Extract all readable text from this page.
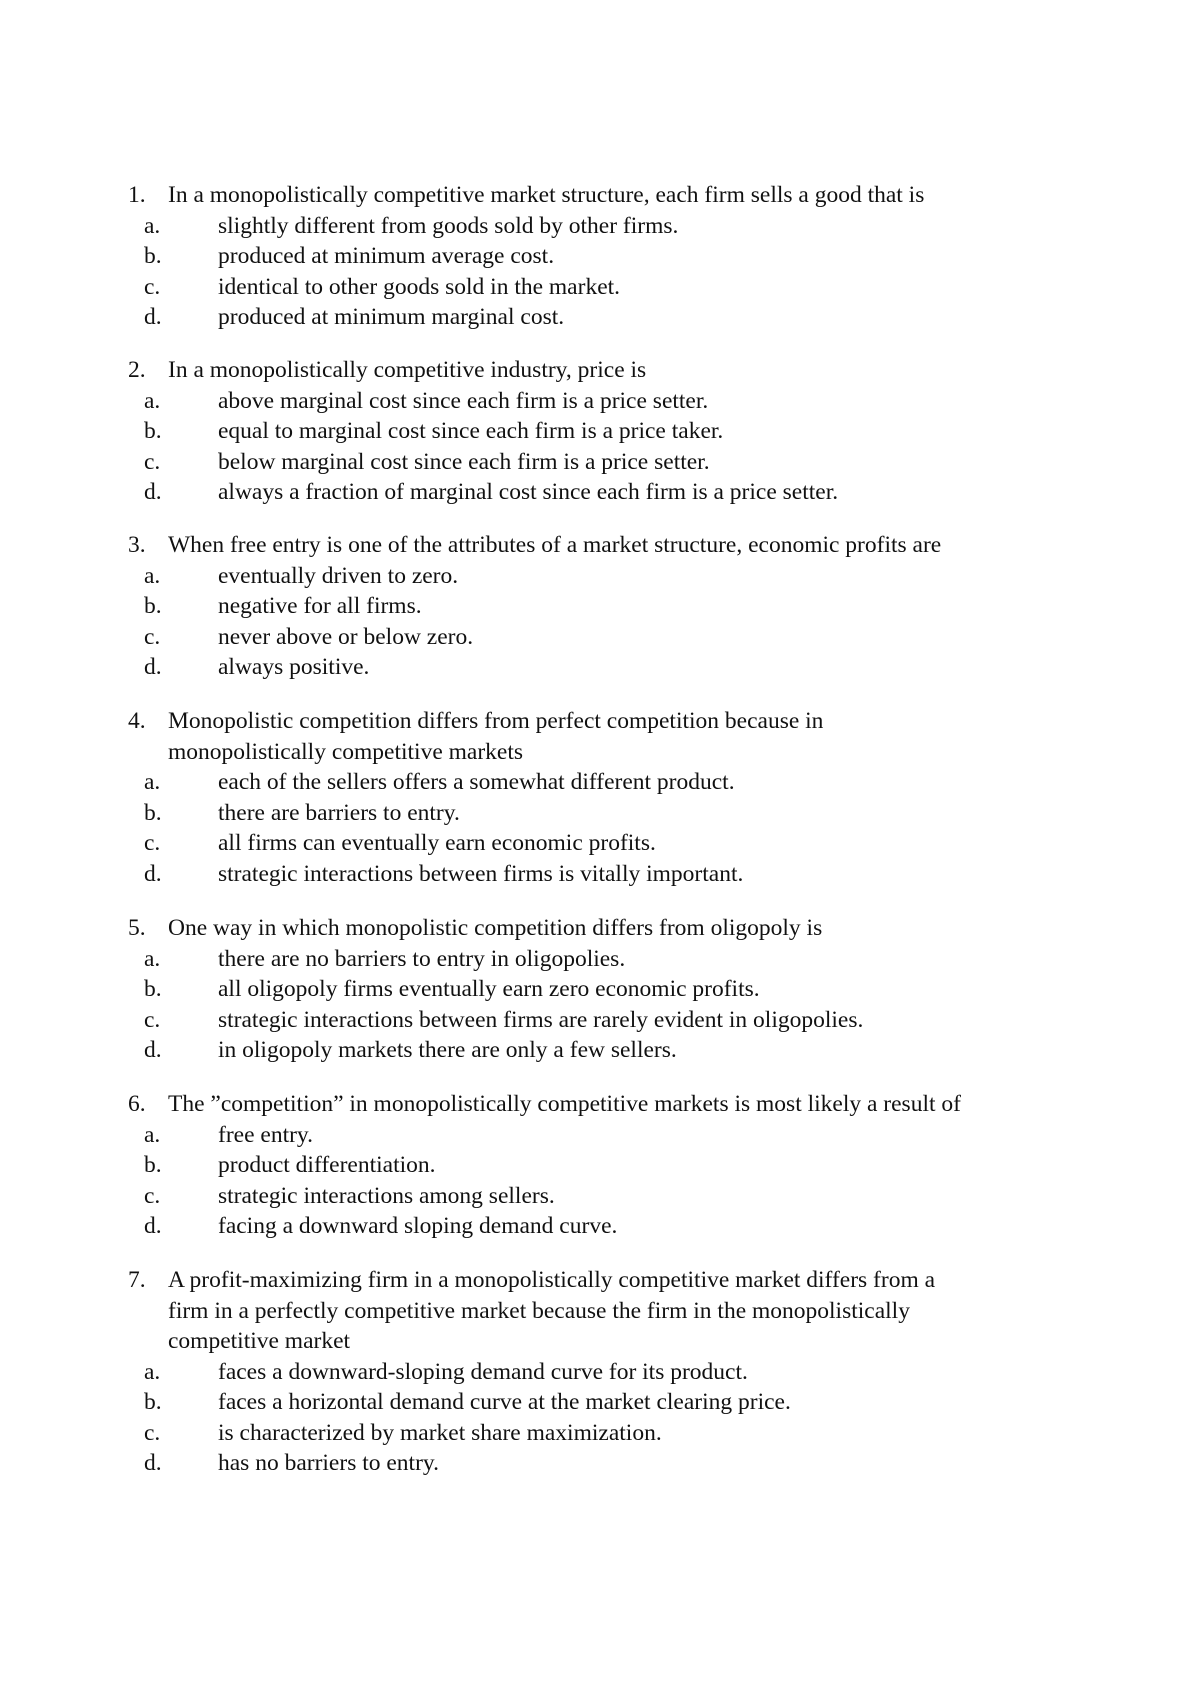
1. In a monopolistically competitive market structure, each firm sells a good that is
a. slightly different from goods sold by other firms.
b. produced at minimum average cost.
c. identical to other goods sold in the market.
d. produced at minimum marginal cost.
2. In a monopolistically competitive industry, price is
a. above marginal cost since each firm is a price setter.
b. equal to marginal cost since each firm is a price taker.
c. below marginal cost since each firm is a price setter.
d. always a fraction of marginal cost since each firm is a price setter.
3. When free entry is one of the attributes of a market structure, economic profits are
a. eventually driven to zero.
b. negative for all firms.
c. never above or below zero.
d. always positive.
4. Monopolistic competition differs from perfect competition because in
monopolistically competitive markets
a. each of the sellers offers a somewhat different product.
b. there are barriers to entry.
c. all firms can eventually earn economic profits.
d. strategic interactions between firms is vitally important.
5. One way in which monopolistic competition differs from oligopoly is
a. there are no barriers to entry in oligopolies.
b. all oligopoly firms eventually earn zero economic profits.
c. strategic interactions between firms are rarely evident in oligopolies.
d. in oligopoly markets there are only a few sellers.
6. The ”competition” in monopolistically competitive markets is most likely a result of
a. free entry.
b. product differentiation.
c. strategic interactions among sellers.
d. facing a downward sloping demand curve.
7. A profit-maximizing firm in a monopolistically competitive market differs from a
firm in a perfectly competitive market because the firm in the monopolistically
competitive market
a. faces a downward-sloping demand curve for its product.
b. faces a horizontal demand curve at the market clearing price.
c. is characterized by market share maximization.
d. has no barriers to entry.
